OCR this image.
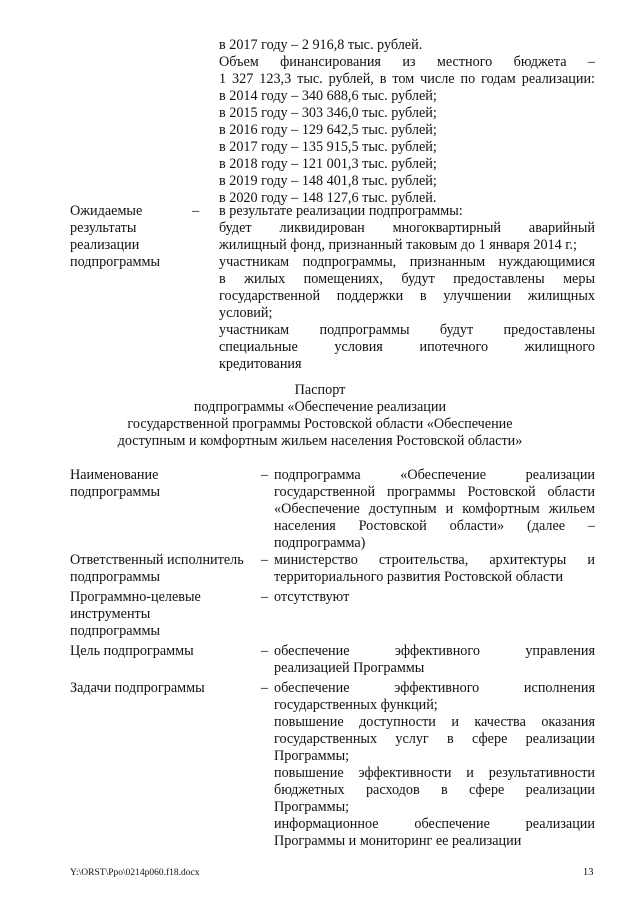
в 2017 году – 2 916,8 тыс. рублей.
Объем финансирования из местного бюджета –
1 327 123,3 тыс. рублей, в том числе по годам реализации:
в 2014 году – 340 688,6 тыс. рублей;
в 2015 году – 303 346,0 тыс. рублей;
в 2016 году – 129 642,5 тыс. рублей;
в 2017 году – 135 915,5 тыс. рублей;
в 2018 году – 121 001,3 тыс. рублей;
в 2019 году – 148 401,8 тыс. рублей;
в 2020 году – 148 127,6 тыс. рублей.
Ожидаемые
результаты
реализации
подпрограммы
– в результате реализации подпрограммы:
будет ликвидирован многоквартирный аварийный
жилищный фонд, признанный таковым до 1 января 2014 г.;
участникам подпрограммы, признанным нуждающимися
в жилых помещениях, будут предоставлены меры
государственной поддержки в улучшении жилищных
условий;
участникам подпрограммы будут предоставлены
специальные условия ипотечного жилищного
кредитования
Паспорт
подпрограммы «Обеспечение реализации
государственной программы Ростовской области «Обеспечение
доступным и комфортным жильем населения Ростовской области»
Наименование
подпрограммы
– подпрограмма «Обеспечение реализации
государственной программы Ростовской области
«Обеспечение доступным и комфортным жильем
населения Ростовской области» (далее –
подпрограмма)
Ответственный исполнитель
подпрограммы
– министерство строительства, архитектуры и
территориального развития Ростовской области
Программно-целевые
инструменты
подпрограммы
– отсутствуют
Цель подпрограммы	– обеспечение эффективного управления
реализацией Программы
Задачи подпрограммы	– обеспечение эффективного исполнения
государственных функций;
повышение доступности и качества оказания
государственных услуг в сфере реализации
Программы;
повышение эффективности и результативности
бюджетных расходов в сфере реализации
Программы;
информационное обеспечение реализации
Программы и мониторинг ее реализации
Y:\ORST\Ppo\0214p060.f18.docx	13
